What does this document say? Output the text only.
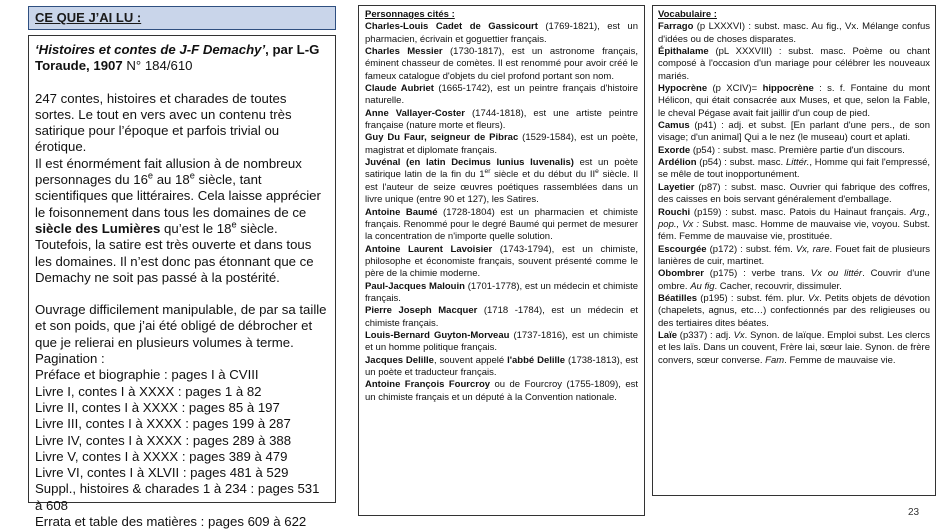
CE QUE J’AI LU :

‘Histoires et contes de J-F Demachy’, par L-G Toraude, 1907 N° 184/610

247 contes, histoires et charades de toutes sortes. Le tout en vers avec un contenu très satirique pour l’époque et parfois trivial ou érotique.

Il est énormément fait allusion à de nombreux personnages du 16e au 18e siècle, tant scientifiques que littéraires. Cela laisse apprécier le foisonnement dans tous les domaines de ce siècle des Lumières qu’est le 18e siècle.

Toutefois, la satire est très ouverte et dans tous les domaines. Il n’est donc pas étonnant que ce Demachy ne soit pas passé à la postérité.

Ouvrage difficilement manipulable, de par sa taille et son poids, que j’ai été obligé de débrocher et que je relierai en plusieurs volumes à terme.

Pagination :

Préface et biographie : pages I à CVIII

Livre I, contes I à XXXX : pages 1 à 82

Livre II, contes I à XXXX : pages 85 à 197

Livre III, contes I à XXXX : pages 199 à 287

Livre IV, contes I à XXXX : pages 289 à 388

Livre V, contes I à XXXX : pages 389 à 479

Livre VI, contes I à XLVII : pages 481 à 529

Suppl., histoires & charades 1 à 234 : pages 531 à 608

Errata et table des matières : pages 609 à 622

Personnages cités :

Charles-Louis Cadet de Gassicourt (1769-1821), est un pharmacien, écrivain et goguettier français.

Charles Messier (1730-1817), est un astronome français, éminent chasseur de comètes. Il est renommé pour avoir créé le fameux catalogue d'objets du ciel profond portant son nom.

Claude Aubriet (1665-1742), est un peintre français d'histoire naturelle.

Anne Vallayer-Coster (1744-1818), est une artiste peintre française (nature morte et fleurs).

Guy Du Faur, seigneur de Pibrac (1529-1584), est un poète, magistrat et diplomate français.

Juvénal (en latin Decimus Iunius Iuvenalis) est un poète satirique latin de la fin du 1er siècle et du début du IIe siècle. Il est l'auteur de seize œuvres poétiques rassemblées dans un livre unique (entre 90 et 127), les Satires.

Antoine Baumé (1728-1804) est un pharmacien et chimiste français. Renommé pour le degré Baumé qui permet de mesurer la concentration de n'importe quelle solution.

Antoine Laurent Lavoisier (1743-1794), est un chimiste, philosophe et économiste français, souvent présenté comme le père de la chimie moderne.

Paul-Jacques Malouin (1701-1778), est un médecin et chimiste français.

Pierre Joseph Macquer (1718 -1784), est un médecin et chimiste français.

Louis-Bernard Guyton-Morveau (1737-1816), est un chimiste et un homme politique français.

Jacques Delille, souvent appelé l'abbé Delille (1738-1813), est un poète et traducteur français.

Antoine François Fourcroy ou de Fourcroy (1755-1809), est un chimiste français et un député à la Convention nationale.

Vocabulaire :

Farrago (p LXXXVI) : subst. masc. Au fig., Vx. Mélange confus d'idées ou de choses disparates.

Épithalame (pL XXXVIII) : subst. masc. Poème ou chant composé à l'occasion d'un mariage pour célébrer les nouveaux mariés.

Hypocrène (p XCIV)= hippocrène : s. f. Fontaine du mont Hélicon, qui était consacrée aux Muses, et que, selon la Fable, le cheval Pégase avait fait jaillir d'un coup de pied.

Camus (p41) : adj. et subst. [En parlant d'une pers., de son visage; d'un animal] Qui a le nez (le museau) court et aplati.

Exorde (p54) : subst. masc. Première partie d'un discours.

Ardélion (p54) : subst. masc. Littér., Homme qui fait l'empressé, se mêle de tout inopportunément.

Layetier (p87) : subst. masc. Ouvrier qui fabrique des coffres, des caisses en bois servant généralement d'emballage.

Rouchi (p159) : subst. masc. Patois du Hainaut français. Arg., pop., Vx : Subst. masc. Homme de mauvaise vie, voyou. Subst. fém. Femme de mauvaise vie, prostituée.

Escourgée (p172) : subst. fém. Vx, rare. Fouet fait de plusieurs lanières de cuir, martinet.

Obombrer (p175) : verbe trans. Vx ou littér. Couvrir d'une ombre. Au fig. Cacher, recouvrir, dissimuler.

Béatilles (p195) : subst. fém. plur. Vx. Petits objets de dévotion (chapelets, agnus, etc…) confectionnés par des religieuses ou des tertiaires dites béates.

Laïe (p337) : adj. Vx. Synon. de laïque. Emploi subst. Les clercs et les laïs. Dans un couvent, Frère lai, sœur laie. Synon. de frère convers, sœur converse. Fam. Femme de mauvaise vie.

23
